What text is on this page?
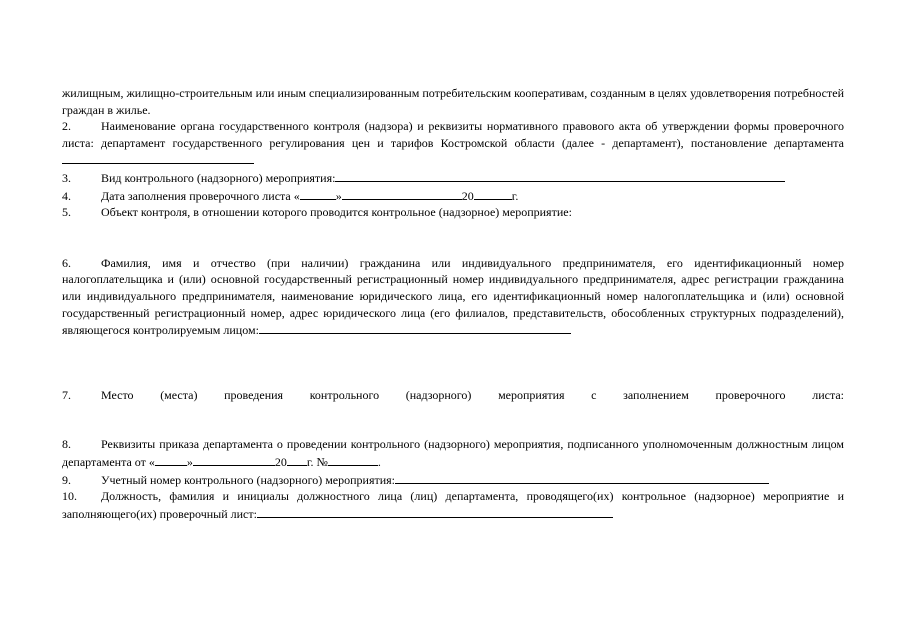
жилищным, жилищно-строительным или иным специализированным потребительским кооперативам, созданным в целях удовлетворения потребностей граждан в жилье.

2.	Наименование органа государственного контроля (надзора) и реквизиты нормативного правового акта об утверждении формы проверочного листа: департамент государственного регулирования цен и тарифов Костромской области (далее - департамент), постановление департамента

3.	Вид контрольного (надзорного) мероприятия:

4.	Дата заполнения проверочного листа «	»	20	г.

5.	Объект контроля, в отношении которого проводится контрольное (надзорное) мероприятие:

6.	Фамилия, имя и отчество (при наличии) гражданина или индивидуального предпринимателя, его идентификационный номер налогоплательщика и (или) основной государственный регистрационный номер индивидуального предпринимателя, адрес регистрации гражданина или индивидуального предпринимателя, наименование юридического лица, его идентификационный номер налогоплательщика и (или) основной государственный регистрационный номер, адрес юридического лица (его филиалов, представительств, обособленных структурных подразделений), являющегося контролируемым лицом:

7.	Место (места) проведения контрольного (надзорного) мероприятия с заполнением проверочного листа:

8.	Реквизиты приказа департамента о проведении контрольного (надзорного) мероприятия, подписанного уполномоченным должностным лицом департамента от «	»	20 г. №	.

9.	Учетный номер контрольного (надзорного) мероприятия:

10. Должность, фамилия и инициалы должностного лица (лиц) департамента, проводящего(их) контрольное (надзорное) мероприятие и заполняющего(их) проверочный лист:
